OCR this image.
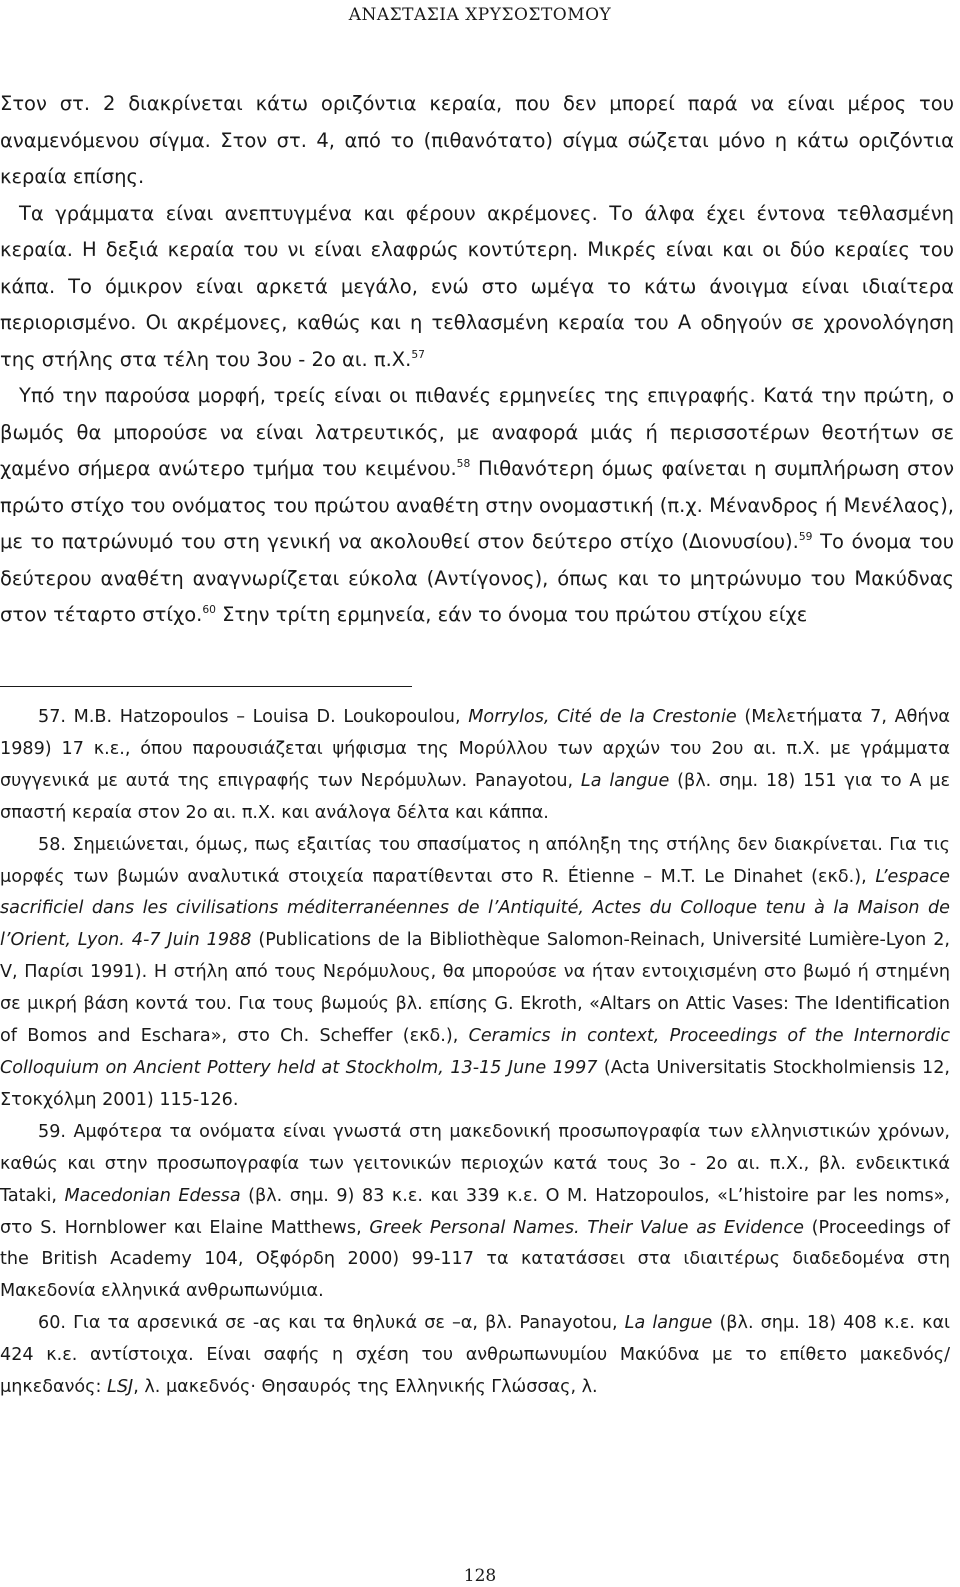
ΑΝΑΣΤΑΣΙΑ ΧΡΥΣΟΣΤΟΜΟΥ

Στον στ. 2 διακρίνεται κάτω οριζόντια κεραία, που δεν μπορεί παρά να είναι μέρος του αναμενόμενου σίγμα. Στον στ. 4, από το (πιθανότατο) σίγμα σώζεται μόνο η κάτω οριζόντια κεραία επίσης.

Τα γράμματα είναι ανεπτυγμένα και φέρουν ακρέμονες. Το άλφα έχει έντονα τεθλασμένη κεραία. Η δεξιά κεραία του νι είναι ελαφρώς κοντύτερη. Μικρές είναι και οι δύο κεραίες του κάπα. Το όμικρον είναι αρκετά μεγάλο, ενώ στο ωμέγα το κάτω άνοιγμα είναι ιδιαίτερα περιορισμένο. Οι ακρέμονες, καθώς και η τεθλασμένη κεραία του Α οδηγούν σε χρονολόγηση της στήλης στα τέλη του 3ου - 2ο αι. π.Χ.$^{57}$

Υπό την παρούσα μορφή, τρείς είναι οι πιθανές ερμηνείες της επιγραφής. Κατά την πρώτη, ο βωμός θα μπορούσε να είναι λατρευτικός, με αναφορά μιάς ή περισσοτέρων θεοτήτων σε χαμένο σήμερα ανώτερο τμήμα του κειμένου.$^{58}$ Πιθανότερη όμως φαίνεται η συμπλήρωση στον πρώτο στίχο του ονόματος του πρώτου αναθέτη στην ονομαστική (π.χ. Μένανδρος ή Μενέλαος), με το πατρώνυμό του στη γενική να ακολουθεί στον δεύτερο στίχο (Διονυσίου).$^{59}$ Το όνομα του δεύτερου αναθέτη αναγνωρίζεται εύκολα (Αντίγονος), όπως και το μητρώνυμο του Μακύδνας στον τέταρτο στίχο.$^{60}$ Στην τρίτη ερμηνεία, εάν το όνομα του πρώτου στίχου είχε

57. M.B. Hatzopoulos – Louisa D. Loukopoulou, Morrylos, Cité de la Crestonie (Μελετήματα 7, Αθήνα 1989) 17 κ.ε., όπου παρουσιάζεται ψήφισμα της Μορύλλου των αρχών του 2ου αι. π.Χ. με γράμματα συγγενικά με αυτά της επιγραφής των Νερόμυλων. Panayotou, La langue (βλ. σημ. 18) 151 για το Α με σπαστή κεραία στον 2ο αι. π.Χ. και ανάλογα δέλτα και κάππα.

58. Σημειώνεται, όμως, πως εξαιτίας του σπασίματος η απόληξη της στήλης δεν διακρίνεται. Για τις μορφές των βωμών αναλυτικά στοιχεία παρατίθενται στο R. Étienne – M.T. Le Dinahet (εκδ.), L’espace sacrificiel dans les civilisations méditerranéennes de l’Antiquité, Actes du Colloque tenu à la Maison de l’Orient, Lyon. 4-7 Juin 1988 (Publications de la Bibliothèque Salomon-Reinach, Université Lumière-Lyon 2, V, Παρίσι 1991). Η στήλη από τους Νερόμυλους, θα μπορούσε να ήταν εντοιχισμένη στο βωμό ή στημένη σε μικρή βάση κοντά του. Για τους βωμούς βλ. επίσης G. Ekroth, «Altars on Attic Vases: The Identification of Bomos and Eschara», στο Ch. Scheffer (εκδ.), Ceramics in context, Proceedings of the Internordic Colloquium on Ancient Pottery held at Stockholm, 13-15 June 1997 (Acta Universitatis Stockholmiensis 12, Στοκχόλμη 2001) 115-126.

59. Αμφότερα τα ονόματα είναι γνωστά στη μακεδονική προσωπογραφία των ελληνιστικών χρόνων, καθώς και στην προσωπογραφία των γειτονικών περιοχών κατά τους 3ο - 2ο αι. π.Χ., βλ. ενδεικτικά Tataki, Macedonian Edessa (βλ. σημ. 9) 83 κ.ε. και 339 κ.ε. Ο M. Hatzopoulos, «L’histoire par les noms», στο S. Hornblower και Elaine Matthews, Greek Personal Names. Their Value as Evidence (Proceedings of the British Academy 104, Οξφόρδη 2000) 99-117 τα κατατάσσει στα ιδιαιτέρως διαδεδομένα στη Μακεδονία ελληνικά ανθρωπωνύμια.

60. Για τα αρσενικά σε -ας και τα θηλυκά σε –α, βλ. Panayotou, La langue (βλ. σημ. 18) 408 κ.ε. και 424 κ.ε. αντίστοιχα. Είναι σαφής η σχέση του ανθρωπωνυμίου Μακύδνα με το επίθετο μακεδνός/ μηκεδανός: LSJ, λ. μακεδνός· Θησαυρός της Ελληνικής Γλώσσας, λ.

128
